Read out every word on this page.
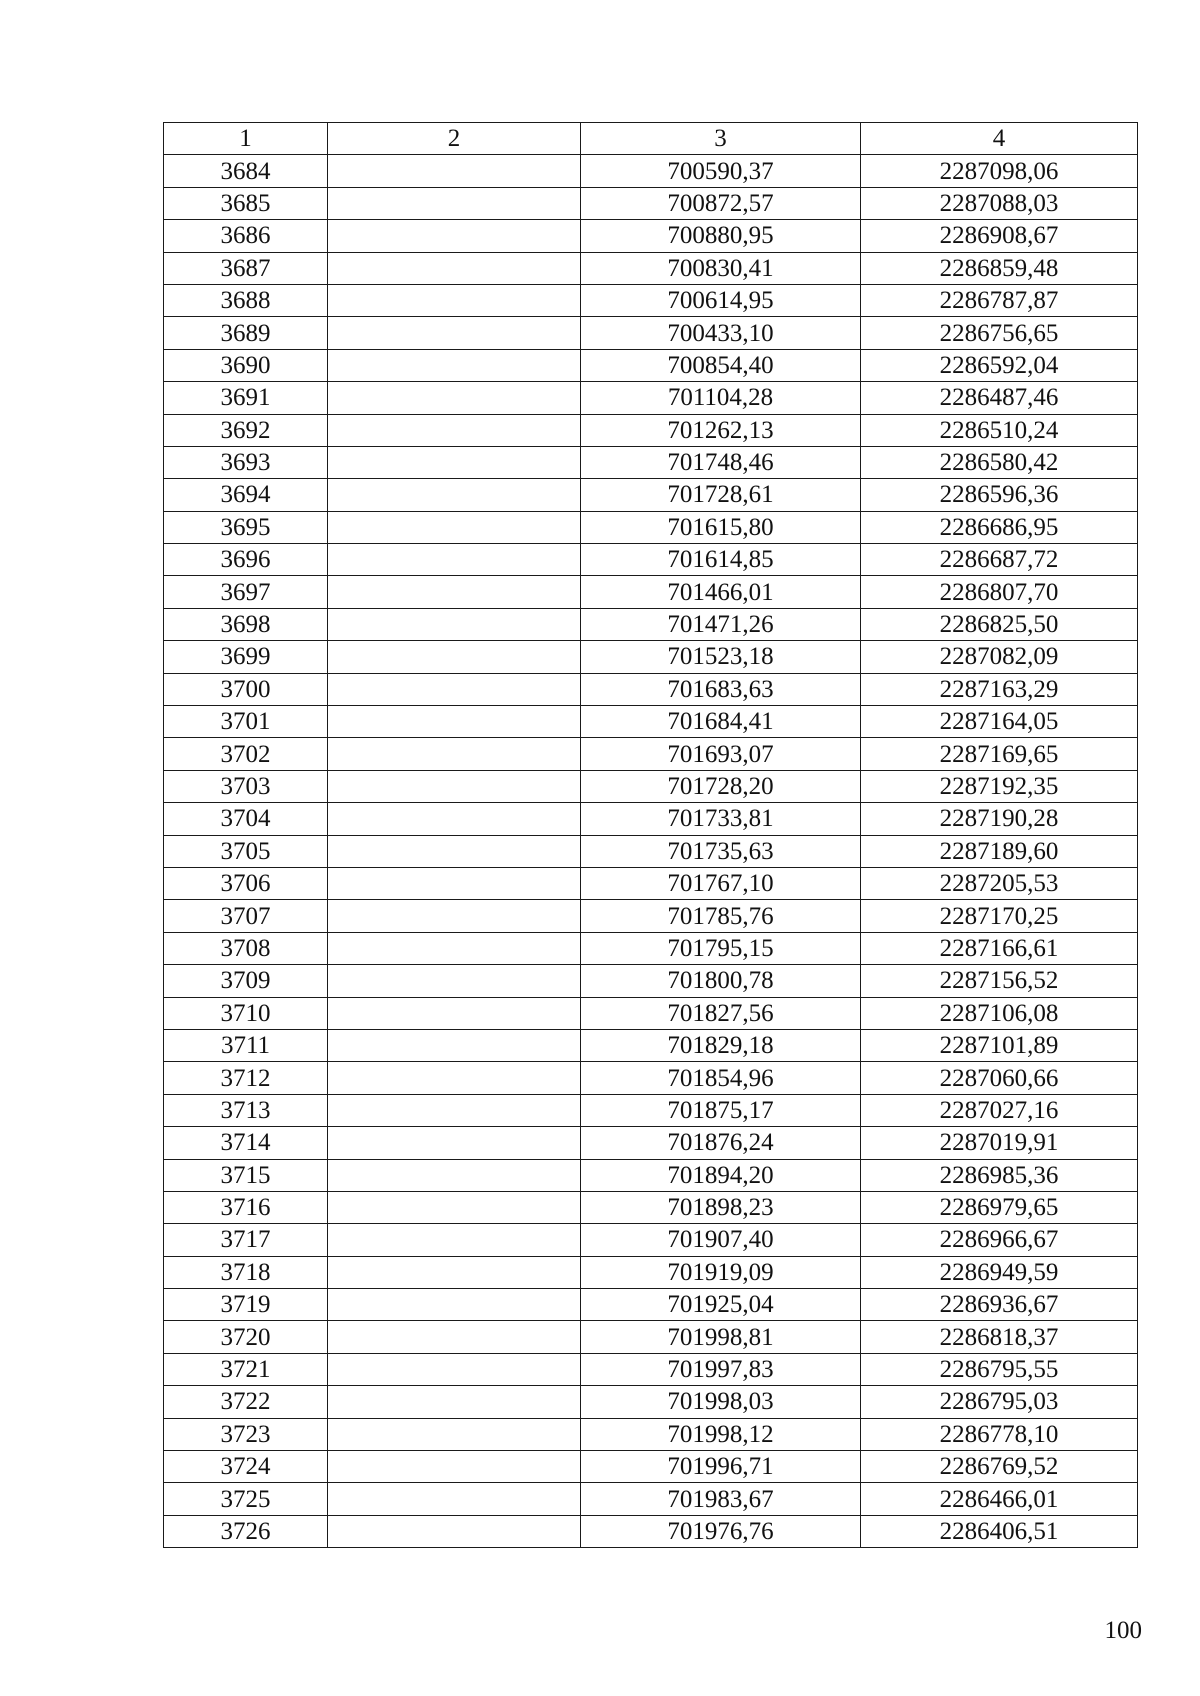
1	2	3	4
3684		700590,37	2287098,06
3685		700872,57	2287088,03
3686		700880,95	2286908,67
3687		700830,41	2286859,48
3688		700614,95	2286787,87
3689		700433,10	2286756,65
3690		700854,40	2286592,04
3691		701104,28	2286487,46
3692		701262,13	2286510,24
3693		701748,46	2286580,42
3694		701728,61	2286596,36
3695		701615,80	2286686,95
3696		701614,85	2286687,72
3697		701466,01	2286807,70
3698		701471,26	2286825,50
3699		701523,18	2287082,09
3700		701683,63	2287163,29
3701		701684,41	2287164,05
3702		701693,07	2287169,65
3703		701728,20	2287192,35
3704		701733,81	2287190,28
3705		701735,63	2287189,60
3706		701767,10	2287205,53
3707		701785,76	2287170,25
3708		701795,15	2287166,61
3709		701800,78	2287156,52
3710		701827,56	2287106,08
3711		701829,18	2287101,89
3712		701854,96	2287060,66
3713		701875,17	2287027,16
3714		701876,24	2287019,91
3715		701894,20	2286985,36
3716		701898,23	2286979,65
3717		701907,40	2286966,67
3718		701919,09	2286949,59
3719		701925,04	2286936,67
3720		701998,81	2286818,37
3721		701997,83	2286795,55
3722		701998,03	2286795,03
3723		701998,12	2286778,10
3724		701996,71	2286769,52
3725		701983,67	2286466,01
3726		701976,76	2286406,51
100
